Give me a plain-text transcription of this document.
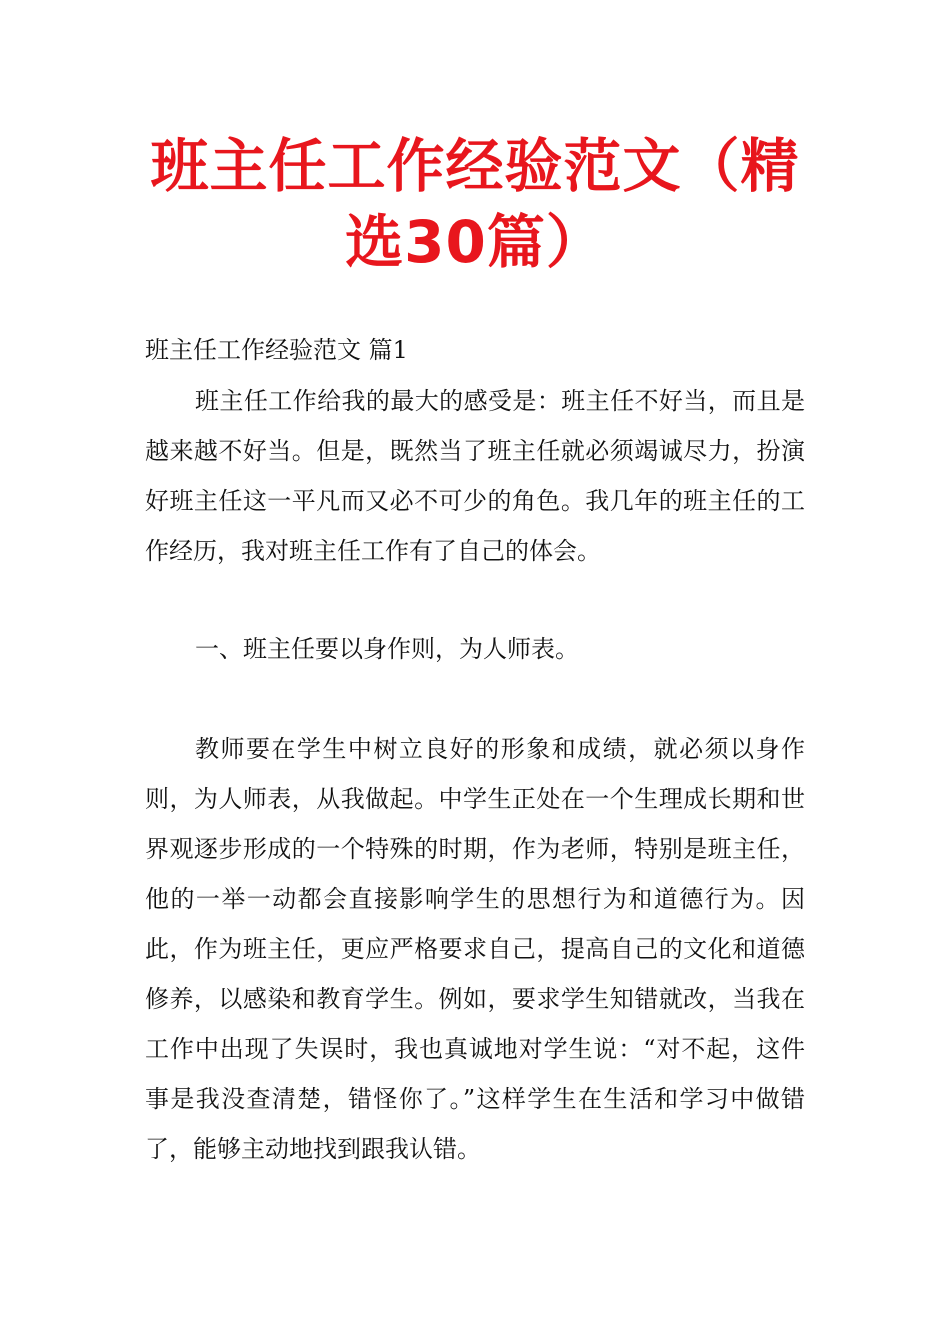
班主任工作经验范文（精选30篇）

班主任工作经验范文 篇1

班主任工作给我的最大的感受是：班主任不好当，而且是越来越不好当。但是，既然当了班主任就必须竭诚尽力，扮演好班主任这一平凡而又必不可少的角色。我几年的班主任的工作经历，我对班主任工作有了自己的体会。

一、班主任要以身作则，为人师表。

教师要在学生中树立良好的形象和成绩，就必须以身作则，为人师表，从我做起。中学生正处在一个生理成长期和世界观逐步形成的一个特殊的时期，作为老师，特别是班主任，他的一举一动都会直接影响学生的思想行为和道德行为。因此，作为班主任，更应严格要求自己，提高自己的文化和道德修养，以感染和教育学生。例如，要求学生知错就改，当我在工作中出现了失误时，我也真诚地对学生说：“对不起，这件事是我没查清楚，错怪你了。”这样学生在生活和学习中做错了，能够主动地找到跟我认错。
